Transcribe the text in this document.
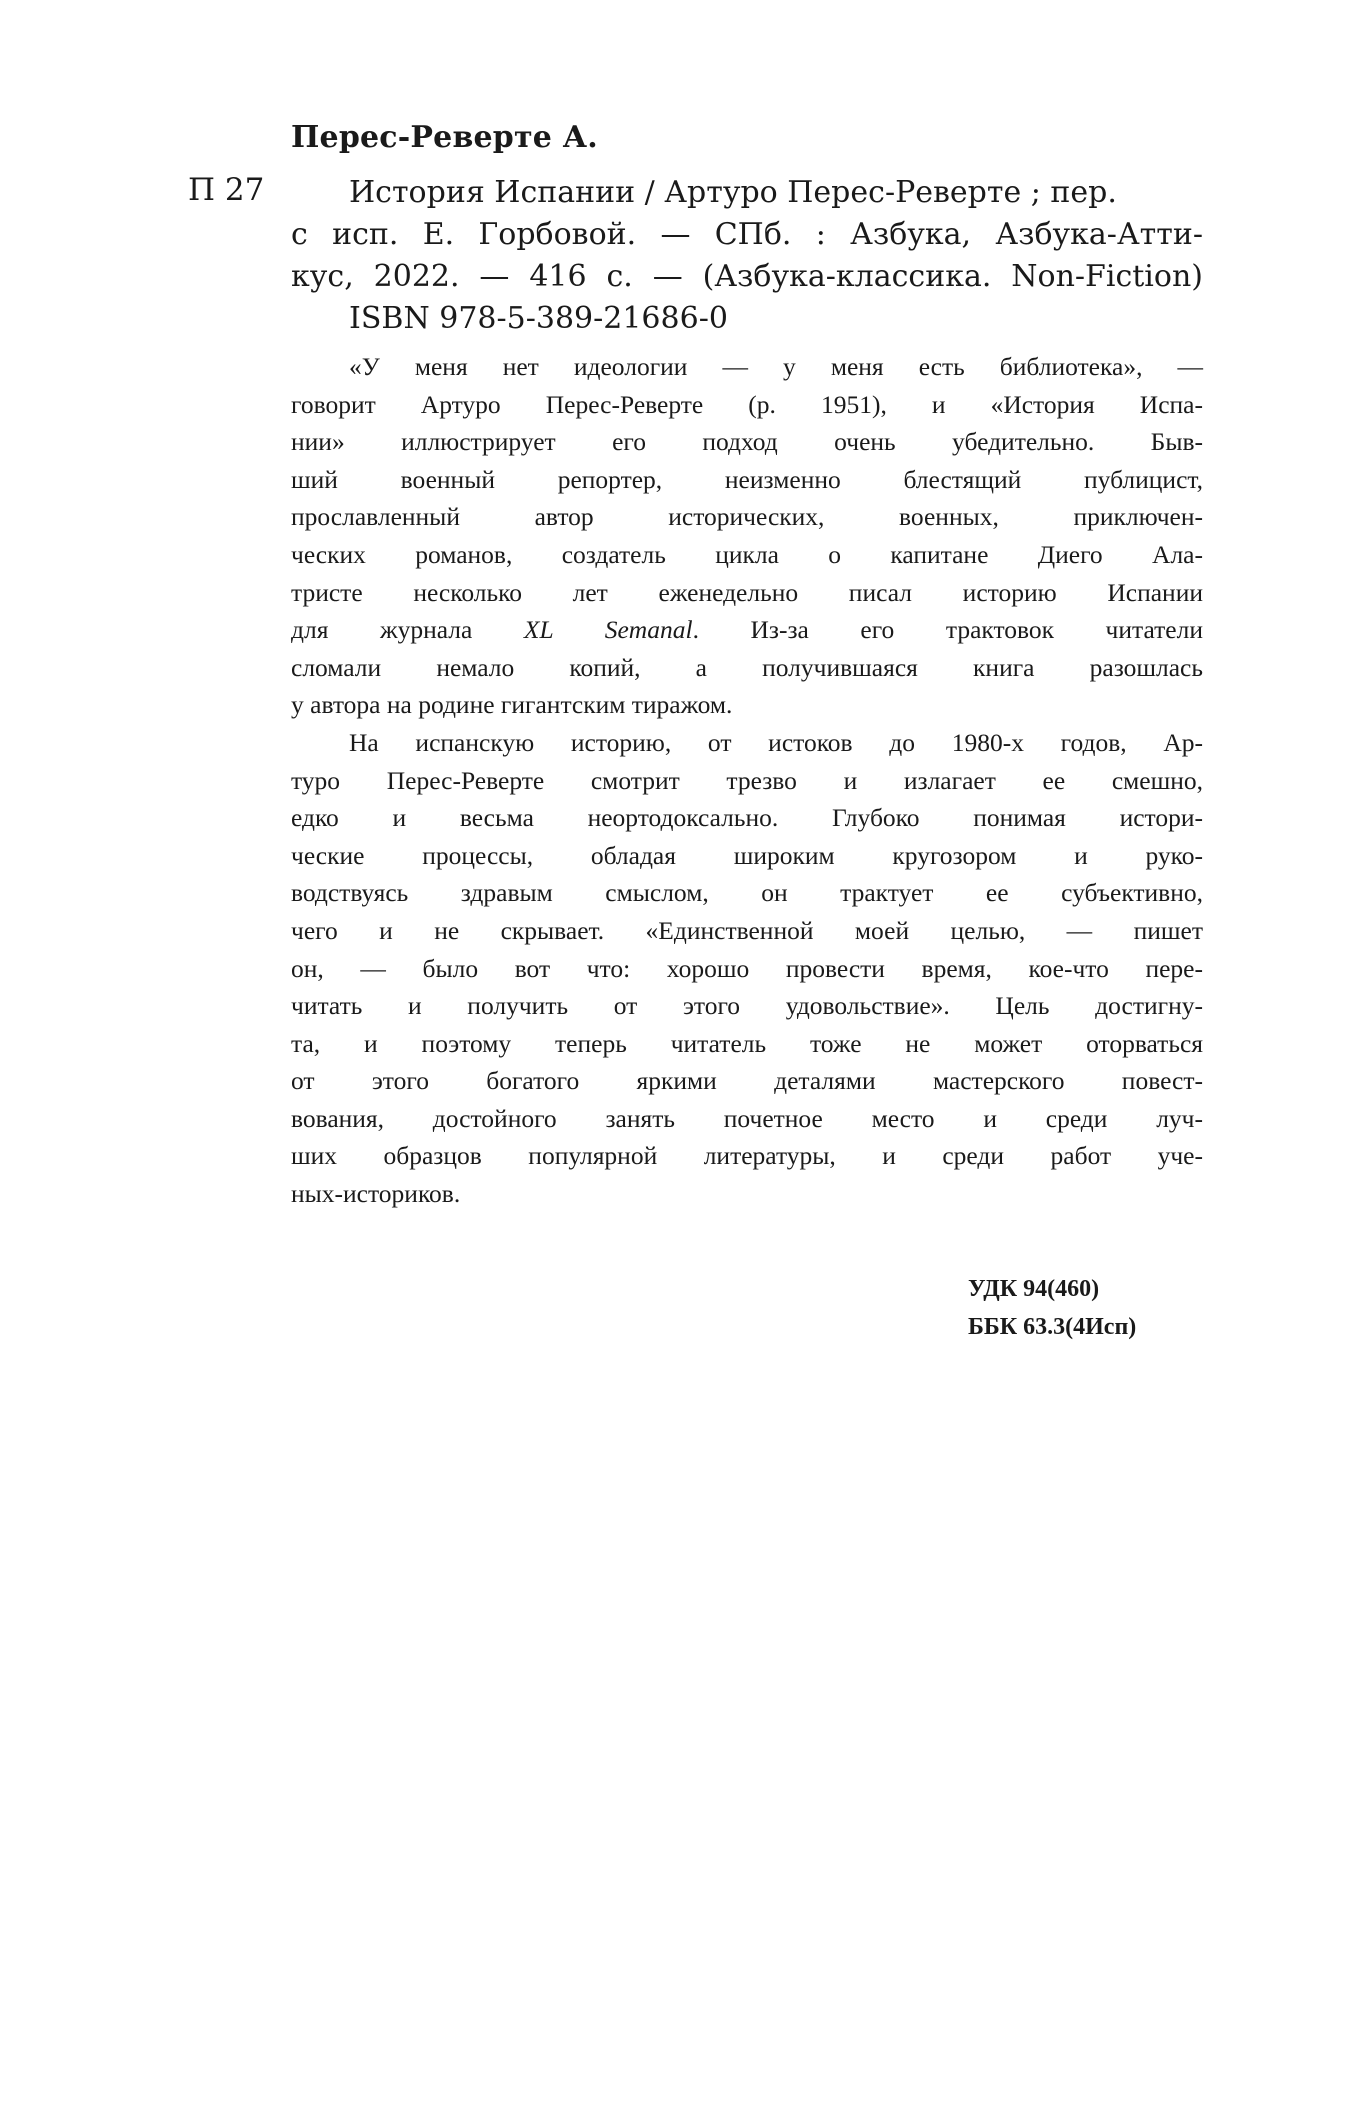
Перес-Реверте А.
П 27	История Испании / Артуро Перес-Реверте ; пер.
с исп. Е. Горбовой. — СПб. : Азбука, Азбука-Атти-
кус, 2022. — 416 с. — (Азбука-классика. Non-Fiction)
ISBN 978-5-389-21686-0
«У меня нет идеологии — у меня есть библиотека», —
говорит Артуро Перес-Реверте (р. 1951), и «История Испа-
нии» иллюстрирует его подход очень убедительно. Быв-
ший военный репортер, неизменно блестящий публицист,
прославленный автор исторических, военных, приключен-
ческих романов, создатель цикла о капитане Диего Ала-
тристе несколько лет еженедельно писал историю Испании
для журнала XL Semanal. Из-за его трактовок читатели
сломали немало копий, а получившаяся книга разошлась
у автора на родине гигантским тиражом.
На испанскую историю, от истоков до 1980-х годов, Ар-
туро Перес-Реверте смотрит трезво и излагает ее смешно,
едко и весьма неортодоксально. Глубоко понимая истори-
ческие процессы, обладая широким кругозором и руко-
водствуясь здравым смыслом, он трактует ее субъективно,
чего и не скрывает. «Единственной моей целью, — пишет
он, — было вот что: хорошо провести время, кое-что пере-
читать и получить от этого удовольствие». Цель достигну-
та, и поэтому теперь читатель тоже не может оторваться
от этого богатого яркими деталями мастерского повест-
вования, достойного занять почетное место и среди луч-
ших образцов популярной литературы, и среди работ уче-
ных-историков.
УДК 94(460)
ББК 63.3(4Исп)
